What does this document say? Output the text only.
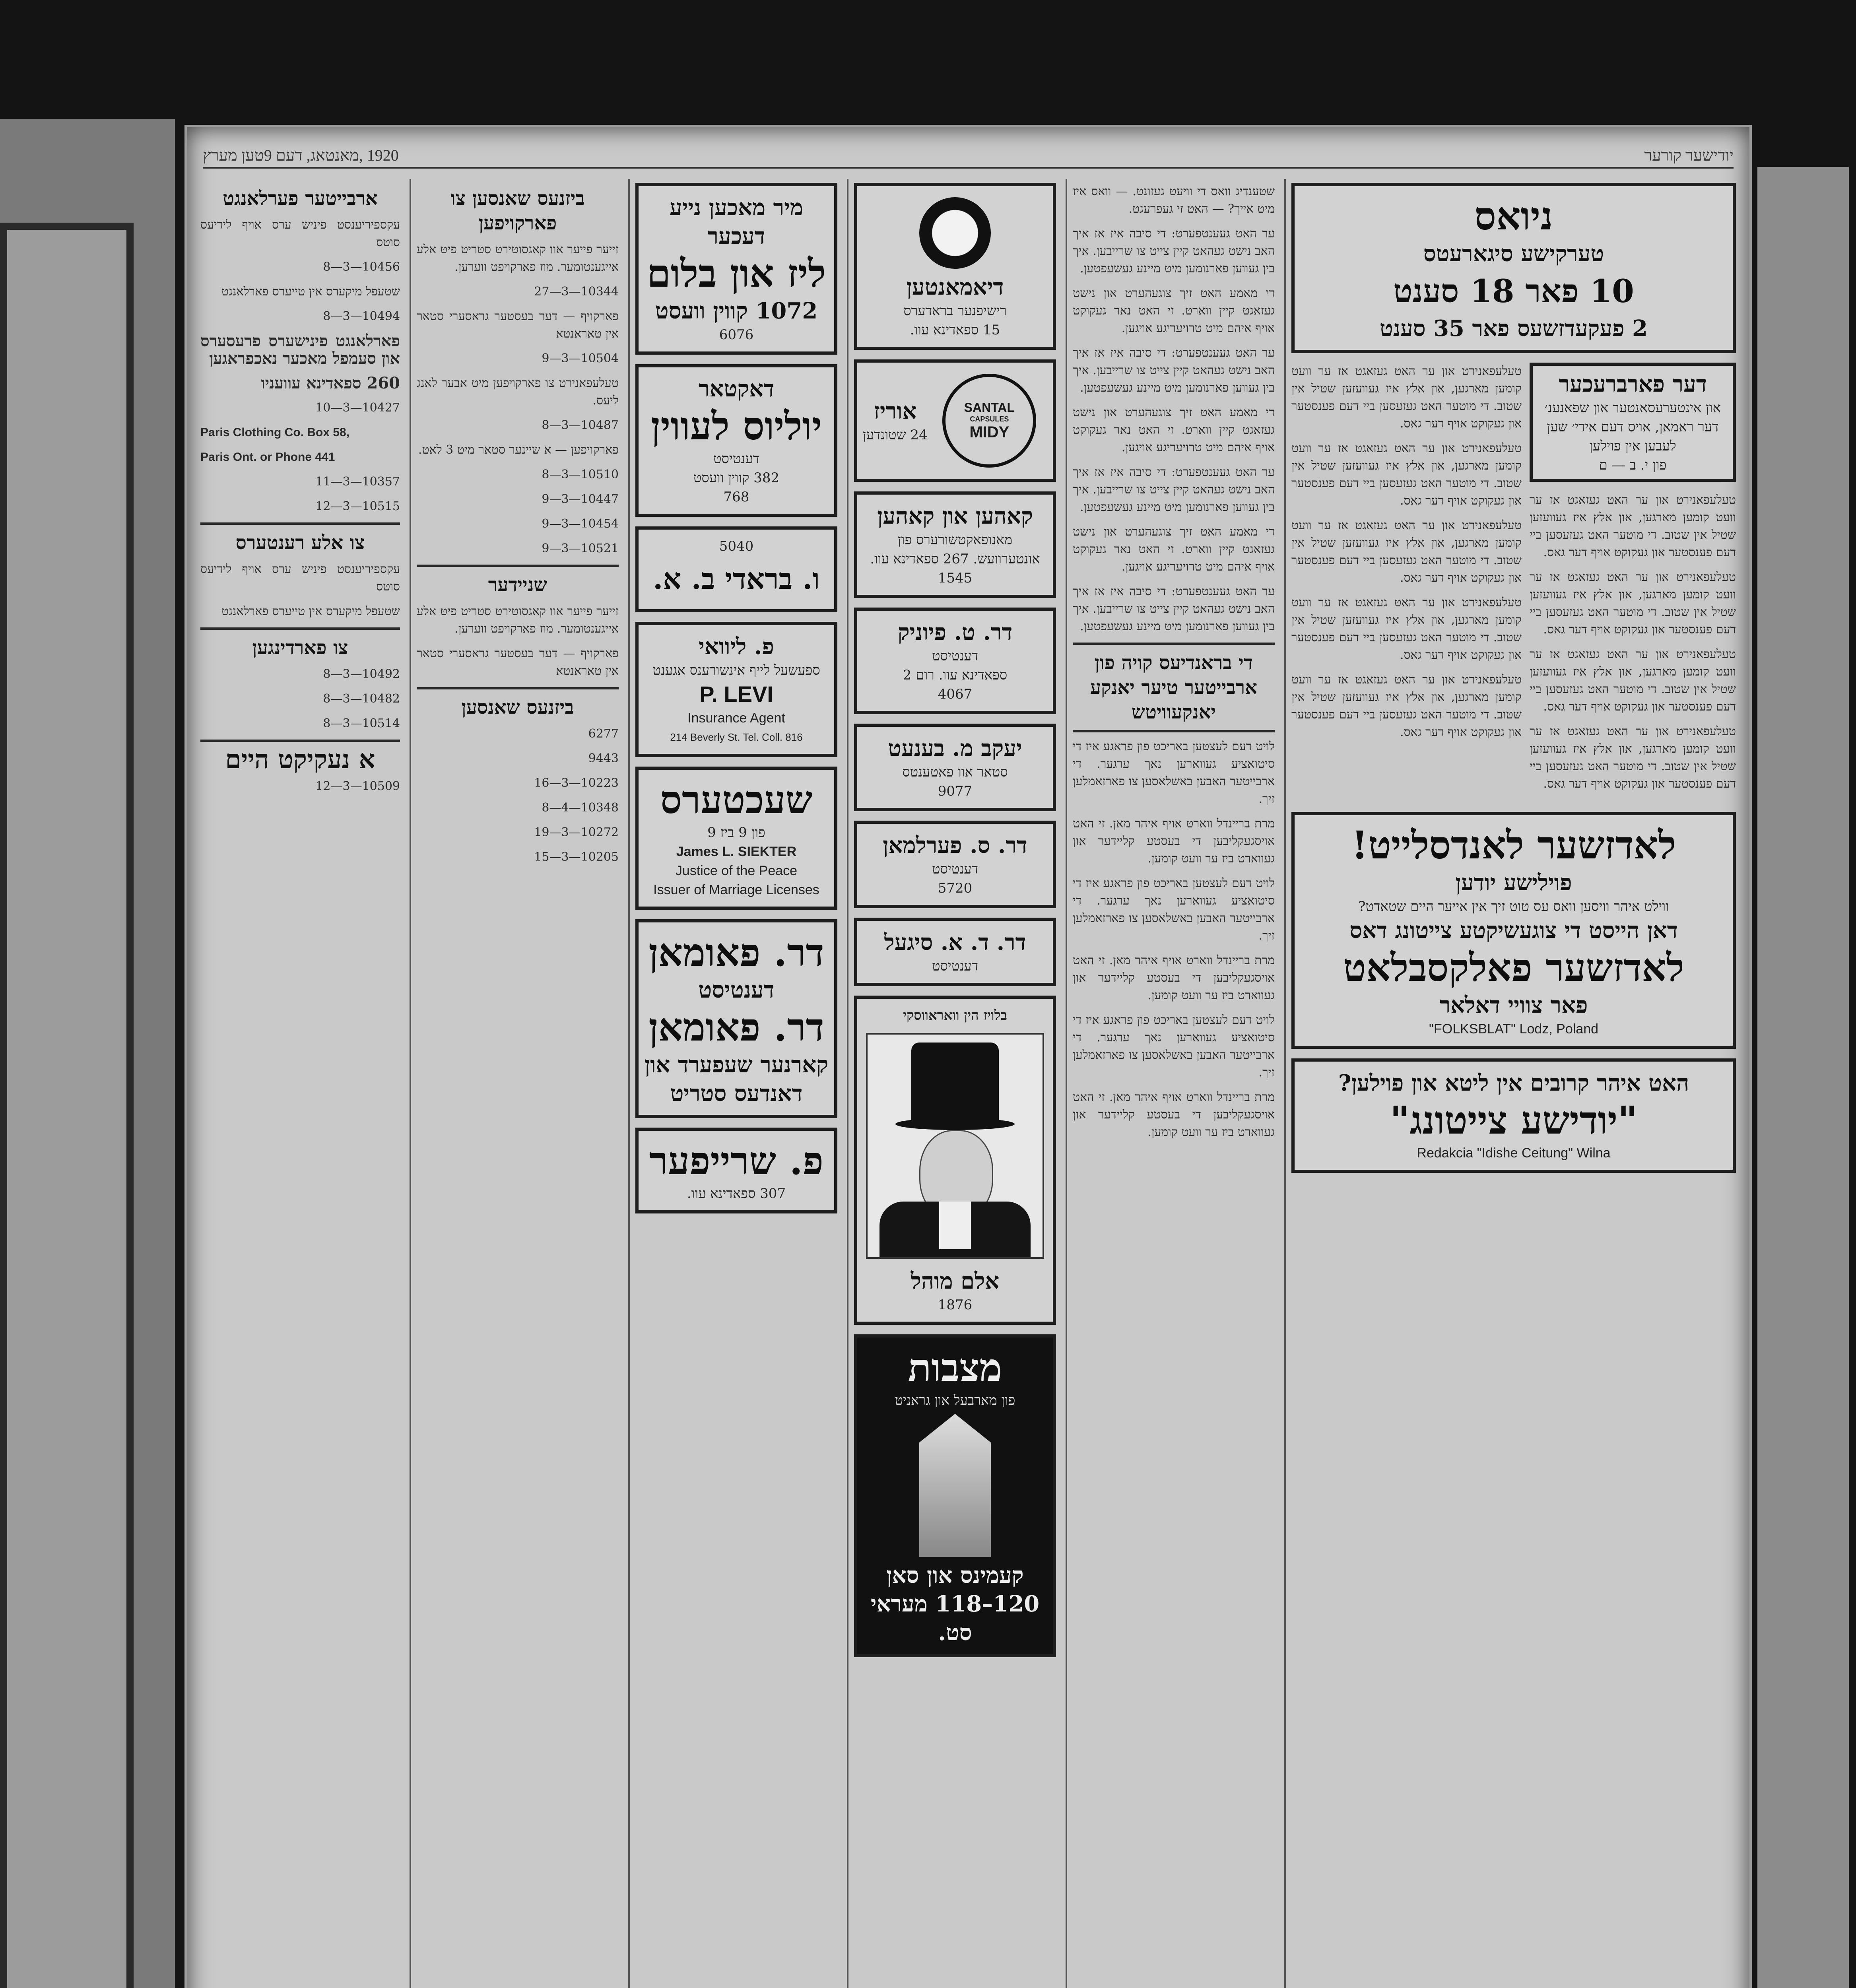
יודישער קורער
1920 ,מאנטאג, דעם 9טען מערץ
ניואס
טערקישע סיגארעטס
10 פאר 18 סענט
2 פעקעדזשעס פאר 35 סענט
דער פארברעכער
און אינטערעסאנטער און שפאנענ׳ דער ראמאן, אויס דעם אידי׳ שען לעבען אין פוילען
פון י. ב — ם

טעלעפאנירט און ער האט געזאגט אז ער וועט קומען מארגען, און אלץ איז געוועזען שטיל אין שטוב. די מוטער האט געזעסען ביי דעם פענסטער און געקוקט אויף דער גאס.

טעלעפאנירט און ער האט געזאגט אז ער וועט קומען מארגען, און אלץ איז געוועזען שטיל אין שטוב. די מוטער האט געזעסען ביי דעם פענסטער און געקוקט אויף דער גאס.

טעלעפאנירט און ער האט געזאגט אז ער וועט קומען מארגען, און אלץ איז געוועזען שטיל אין שטוב. די מוטער האט געזעסען ביי דעם פענסטער און געקוקט אויף דער גאס.

טעלעפאנירט און ער האט געזאגט אז ער וועט קומען מארגען, און אלץ איז געוועזען שטיל אין שטוב. די מוטער האט געזעסען ביי דעם פענסטער און געקוקט אויף דער גאס.

טעלעפאנירט און ער האט געזאגט אז ער וועט קומען מארגען, און אלץ איז געוועזען שטיל אין שטוב. די מוטער האט געזעסען ביי דעם פענסטער און געקוקט אויף דער גאס.

טעלעפאנירט און ער האט געזאגט אז ער וועט קומען מארגען, און אלץ איז געוועזען שטיל אין שטוב. די מוטער האט געזעסען ביי דעם פענסטער און געקוקט אויף דער גאס.

טעלעפאנירט און ער האט געזאגט אז ער וועט קומען מארגען, און אלץ איז געוועזען שטיל אין שטוב. די מוטער האט געזעסען ביי דעם פענסטער און געקוקט אויף דער גאס.

טעלעפאנירט און ער האט געזאגט אז ער וועט קומען מארגען, און אלץ איז געוועזען שטיל אין שטוב. די מוטער האט געזעסען ביי דעם פענסטער און געקוקט אויף דער גאס.

טעלעפאנירט און ער האט געזאגט אז ער וועט קומען מארגען, און אלץ איז געוועזען שטיל אין שטוב. די מוטער האט געזעסען ביי דעם פענסטער און געקוקט אויף דער גאס.

לאדזשער לאנדסלייט!
פוילישע יודען
ווילט איהר וויסען וואס עס טוט זיך אין אייער היים שטאדט?
דאן הייסט די צוגעשיקטע צייטונג דאס
לאדזשער פאלקסבלאט
פאר צוויי דאלאר
"FOLKSBLAT" Lodz, Poland
האט איהר קרובים אין ליטא און פוילען?
"יודישע צייטונג"
Redakcia "Idishe Ceitung" Wilna

שטענדיג וואס די וויעט געזונט. — וואס איז מיט אייך? — האט זי געפרעגט.

ער האט געענטפערט: די סיבה איז אז איך האב נישט געהאט קיין צייט צו שרייבען. איך בין געווען פארנומען מיט מיינע געשעפטען.

די מאמע האט זיך צוגעהערט און נישט געזאגט קיין ווארט. זי האט נאר געקוקט אויף איהם מיט טרויעריגע אויגען.

ער האט געענטפערט: די סיבה איז אז איך האב נישט געהאט קיין צייט צו שרייבען. איך בין געווען פארנומען מיט מיינע געשעפטען.

די מאמע האט זיך צוגעהערט און נישט געזאגט קיין ווארט. זי האט נאר געקוקט אויף איהם מיט טרויעריגע אויגען.

ער האט געענטפערט: די סיבה איז אז איך האב נישט געהאט קיין צייט צו שרייבען. איך בין געווען פארנומען מיט מיינע געשעפטען.

די מאמע האט זיך צוגעהערט און נישט געזאגט קיין ווארט. זי האט נאר געקוקט אויף איהם מיט טרויעריגע אויגען.

ער האט געענטפערט: די סיבה איז אז איך האב נישט געהאט קיין צייט צו שרייבען. איך בין געווען פארנומען מיט מיינע געשעפטען.

די בראנדיעס קויה פון ארבייטער טיער יאנקע יאנקעוויטש

לויט דעם לעצטען באריכט פון פראגע איז די סיטואציע געווארען נאך ערגער. די ארבייטער האבען באשלאסען צו פארזאמלען זיך.

מרת בריינדל ווארט אויף איהר מאן. זי האט אויסגעקליבען די בעסטע קליידער און געווארט ביז ער וועט קומען.

לויט דעם לעצטען באריכט פון פראגע איז די סיטואציע געווארען נאך ערגער. די ארבייטער האבען באשלאסען צו פארזאמלען זיך.

מרת בריינדל ווארט אויף איהר מאן. זי האט אויסגעקליבען די בעסטע קליידער און געווארט ביז ער וועט קומען.

לויט דעם לעצטען באריכט פון פראגע איז די סיטואציע געווארען נאך ערגער. די ארבייטער האבען באשלאסען צו פארזאמלען זיך.

מרת בריינדל ווארט אויף איהר מאן. זי האט אויסגעקליבען די בעסטע קליידער און געווארט ביז ער וועט קומען.

דיאמאנטען
רישיפנער בראדערס
15 ספאדינא עוו.
SANTAL
CAPSULES
MIDY
אוריז
24 שטונדען
קאהען און קאהען
מאנופאקטשורערס פון אונטערוועש. 267 ספאדינא עוו.
1545
דר. ט. פיוניק
דענטיסט
ספאדינא עוו. רום 2
4067
יעקב מ. בענעט
סטאר אוו פאטענטס
9077
דר. ס. פערלמאן
דענטיסט
5720
דר. ד. א. סיגעל
דענטיסט
בלויז הין וואראווסקי
אלם מוהל
1876
מצבות
פון מארבעל און גראניט
קעמינס און סאן
120–118 מעראי סט.
מיר מאכען נייע דעכער
ליז און בלום
1072 קווין וועסט
6076
דאקטאר
יוליוס לעווין
דענטיסט
382 קווין וועסט
768
5040
ו. בראדי ב. א.
פ. ליוואי
ספעשעל לייף אינשורענס אגענט
P. LEVI
Insurance Agent
214 Beverly St. Tel. Coll. 816
שעכטערס
פון 9 ביז 9
James L. SIEKTER
Justice of the Peace
Issuer of Marriage Licenses
דר. פאומאן
דענטיסט
דר. פאומאן
קארנער שעפערד און דאנדעס סטריט
פ. שרייפער
307 ספאדינא עוו.
ביזנעס שאנסען צו פארקויפען

זייער פייער אוו קאגסוטירט סטריט פיט אלע אייגענטומער. מוז פארקויפט ווערען.

10344—3—27

פארקויף — דער בעסטער גראסערי סטאר אין טאראנטא

10504—3—9

טעלעפאנירט צו פארקויפען מיט אבער לאנג ליעס.

10487—3—8

פארקויפען — א שיינער סטאר מיט 3 לאט.

10510—3—8

10447—3—9

10454—3—9

10521—3—9

שניידער

זייער פייער אוו קאגסוטירט סטריט פיט אלע אייגענטומער. מוז פארקויפט ווערען.

פארקויף — דער בעסטער גראסערי סטאר אין טאראנטא

ביזנעס שאנסען

6277

9443

10223—3—16

10348—4—8

10272—3—19

10205—3—15

ארבייטער פערלאנגט

עקספיריענסט פיניש ערס אויף לידיעס סוטס

10456—3—8

שטעפל מיקערס אין טייערס פארלאנגט

10494—3—8

פארלאנגט פינישערס פרעסערס און סעמפל מאכער נאכפראגען

260 ספאדינא עוועניו

10427—3—10

Paris Clothing Co. Box 58,

Paris Ont. or Phone 441

10357—3—11

10515—3—12

צו אלע רענטערס

עקספיריענסט פיניש ערס אויף לידיעס סוטס

שטעפל מיקערס אין טייערס פארלאנגט

צו פארדינגען

10492—3—8

10482—3—8

10514—3—8

א נעקיקט היים

10509—3—12
